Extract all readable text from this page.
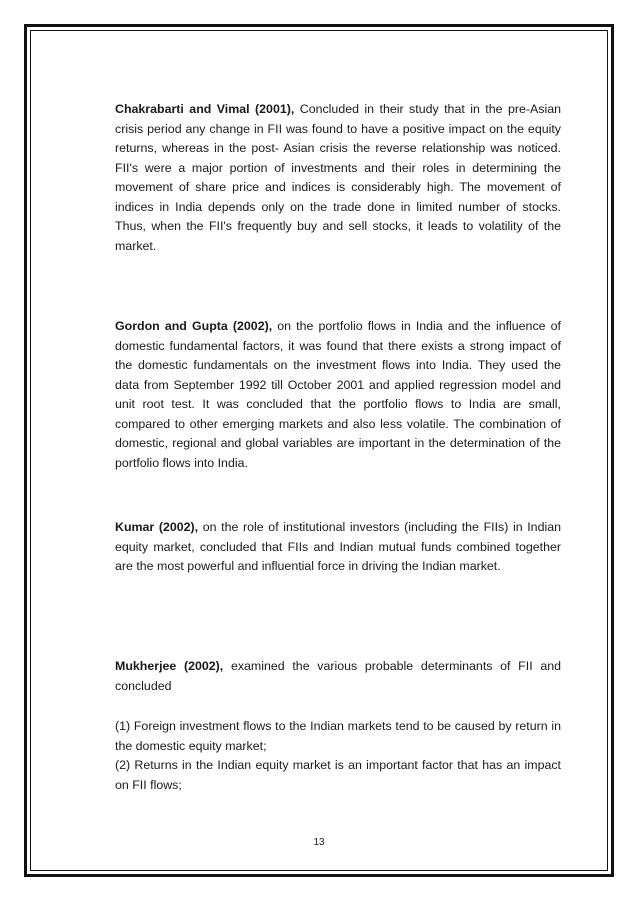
Chakrabarti and Vimal (2001), Concluded in their study that in the pre-Asian crisis period any change in FII was found to have a positive impact on the equity returns, whereas in the post- Asian crisis the reverse relationship was noticed. FII's were a major portion of investments and their roles in determining the movement of share price and indices is considerably high. The movement of indices in India depends only on the trade done in limited number of stocks. Thus, when the FII's frequently buy and sell stocks, it leads to volatility of the market.

Gordon and Gupta (2002), on the portfolio flows in India and the influence of domestic fundamental factors, it was found that there exists a strong impact of the domestic fundamentals on the investment flows into India. They used the data from September 1992 till October 2001 and applied regression model and unit root test. It was concluded that the portfolio flows to India are small, compared to other emerging markets and also less volatile. The combination of domestic, regional and global variables are important in the determination of the portfolio flows into India.

Kumar (2002), on the role of institutional investors (including the FIIs) in Indian equity market, concluded that FIIs and Indian mutual funds combined together are the most powerful and influential force in driving the Indian market.

Mukherjee (2002), examined the various probable determinants of FII and concluded

(1) Foreign investment flows to the Indian markets tend to be caused by return in the domestic equity market;

(2) Returns in the Indian equity market is an important factor that has an impact on FII flows;

13
